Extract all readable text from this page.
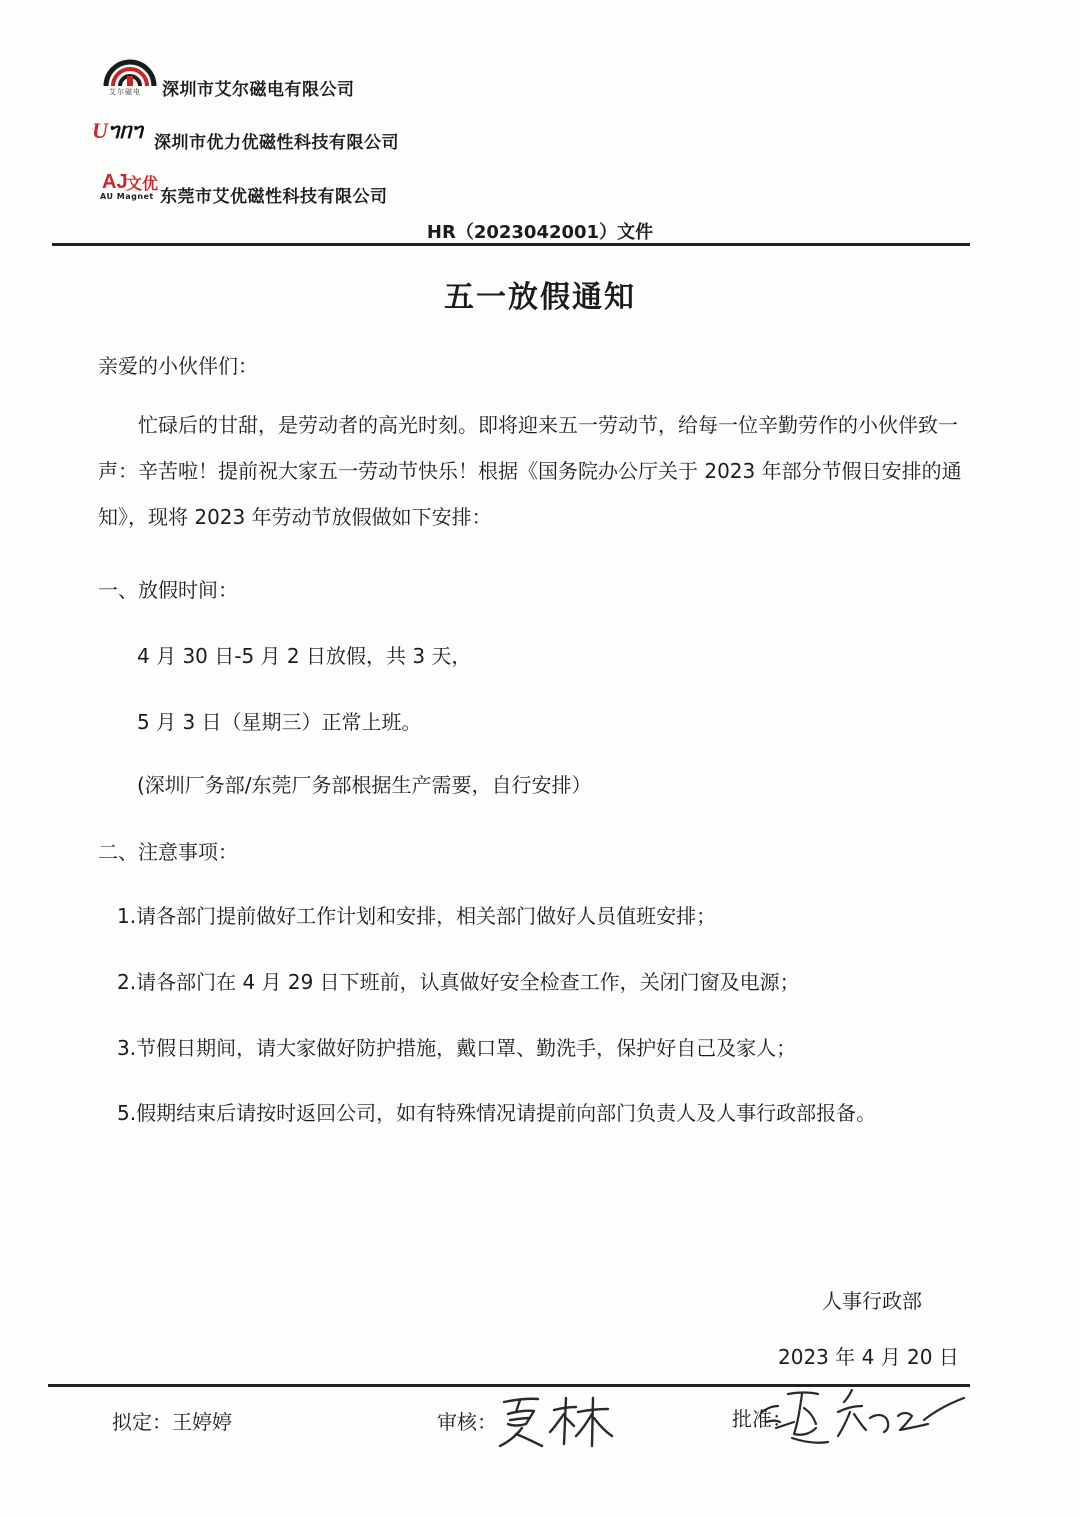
艾尔磁电 深圳市艾尔磁电有限公司
Uᥐᥒᥐ
深圳市优力优磁性科技有限公司
AJ
文优
AU Magnet 东莞市艾优磁性科技有限公司
HR（2023042001）文件
五一放假通知
亲爱的小伙伴们：
忙碌后的甘甜，是劳动者的高光时刻。即将迎来五一劳动节，给每一位辛勤劳作的小伙伴致一声：辛苦啦！提前祝大家五一劳动节快乐！根据《国务院办公厅关于 2023 年部分节假日安排的通知》，现将 2023 年劳动节放假做如下安排：
一、放假时间：
4 月 30 日-5 月 2 日放假，共 3 天，
5 月 3 日（星期三）正常上班。
(深圳厂务部/东莞厂务部根据生产需要，自行安排）
二、注意事项：
1.请各部门提前做好工作计划和安排，相关部门做好人员值班安排；
2.请各部门在 4 月 29 日下班前，认真做好安全检查工作，关闭门窗及电源；
3.节假日期间，请大家做好防护措施，戴口罩、勤洗手，保护好自己及家人；
5.假期结束后请按时返回公司，如有特殊情况请提前向部门负责人及人事行政部报备。
人事行政部
2023 年 4 月 20 日
拟定：王婷婷	审核：	批准：
